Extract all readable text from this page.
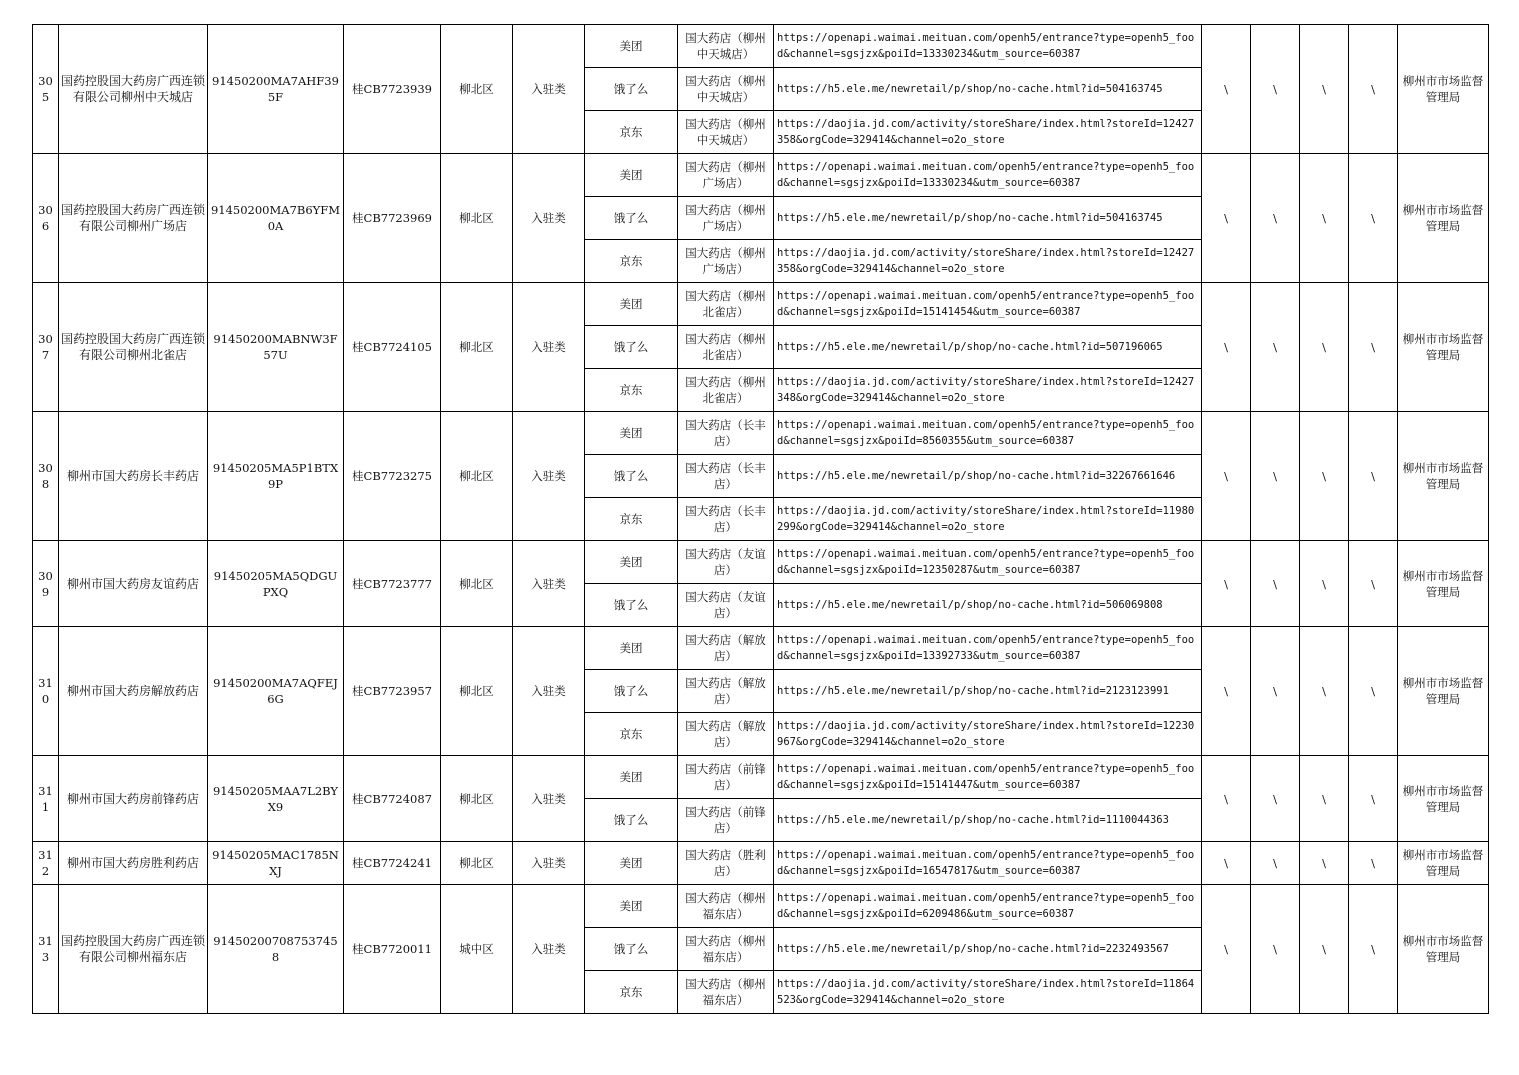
305	国药控股国大药房广西连锁有限公司柳州中天城店	91450200MA7AHF395F	桂CB7723939	柳北区	入驻类	美团	国大药店（柳州中天城店）	https://openapi.waimai.meituan.com/openh5/entrance?type=openh5_food&channel=sgsjzx&poiId=13330234&utm_source=60387	\	\	\	\	柳州市市场监督管理局
						饿了么	国大药店（柳州中天城店）	https://h5.ele.me/newretail/p/shop/no-cache.html?id=504163745					
						京东	国大药店（柳州中天城店）	https://daojia.jd.com/activity/storeShare/index.html?storeId=12427358&orgCode=329414&channel=o2o_store					
306	国药控股国大药房广西连锁有限公司柳州广场店	91450200MA7B6YFM0A	桂CB7723969	柳北区	入驻类	美团	国大药店（柳州广场店）	https://openapi.waimai.meituan.com/openh5/entrance?type=openh5_food&channel=sgsjzx&poiId=13330234&utm_source=60387	\	\	\	\	柳州市市场监督管理局
						饿了么	国大药店（柳州广场店）	https://h5.ele.me/newretail/p/shop/no-cache.html?id=504163745					
						京东	国大药店（柳州广场店）	https://daojia.jd.com/activity/storeShare/index.html?storeId=12427358&orgCode=329414&channel=o2o_store					
307	国药控股国大药房广西连锁有限公司柳州北雀店	91450200MABNW3F57U	桂CB7724105	柳北区	入驻类	美团	国大药店（柳州北雀店）	https://openapi.waimai.meituan.com/openh5/entrance?type=openh5_food&channel=sgsjzx&poiId=15141454&utm_source=60387	\	\	\	\	柳州市市场监督管理局
						饿了么	国大药店（柳州北雀店）	https://h5.ele.me/newretail/p/shop/no-cache.html?id=507196065					
						京东	国大药店（柳州北雀店）	https://daojia.jd.com/activity/storeShare/index.html?storeId=12427348&orgCode=329414&channel=o2o_store					
308	柳州市国大药房长丰药店	91450205MA5P1BTX9P	桂CB7723275	柳北区	入驻类	美团	国大药店（长丰店）	https://openapi.waimai.meituan.com/openh5/entrance?type=openh5_food&channel=sgsjzx&poiId=8560355&utm_source=60387	\	\	\	\	柳州市市场监督管理局
						饿了么	国大药店（长丰店）	https://h5.ele.me/newretail/p/shop/no-cache.html?id=32267661646					
						京东	国大药店（长丰店）	https://daojia.jd.com/activity/storeShare/index.html?storeId=11980299&orgCode=329414&channel=o2o_store					
309	柳州市国大药房友谊药店	91450205MA5QDGUPXQ	桂CB7723777	柳北区	入驻类	美团	国大药店（友谊店）	https://openapi.waimai.meituan.com/openh5/entrance?type=openh5_food&channel=sgsjzx&poiId=12350287&utm_source=60387	\	\	\	\	柳州市市场监督管理局
						饿了么	国大药店（友谊店）	https://h5.ele.me/newretail/p/shop/no-cache.html?id=506069808					
310	柳州市国大药房解放药店	91450200MA7AQFEJ6G	桂CB7723957	柳北区	入驻类	美团	国大药店（解放店）	https://openapi.waimai.meituan.com/openh5/entrance?type=openh5_food&channel=sgsjzx&poiId=13392733&utm_source=60387	\	\	\	\	柳州市市场监督管理局
						饿了么	国大药店（解放店）	https://h5.ele.me/newretail/p/shop/no-cache.html?id=2123123991					
						京东	国大药店（解放店）	https://daojia.jd.com/activity/storeShare/index.html?storeId=12230967&orgCode=329414&channel=o2o_store					
311	柳州市国大药房前锋药店	91450205MAA7L2BYX9	桂CB7724087	柳北区	入驻类	美团	国大药店（前锋店）	https://openapi.waimai.meituan.com/openh5/entrance?type=openh5_food&channel=sgsjzx&poiId=15141447&utm_source=60387	\	\	\	\	柳州市市场监督管理局
						饿了么	国大药店（前锋店）	https://h5.ele.me/newretail/p/shop/no-cache.html?id=1110044363					
312	柳州市国大药房胜利药店	91450205MAC1785NXJ	桂CB7724241	柳北区	入驻类	美团	国大药店（胜利店）	https://openapi.waimai.meituan.com/openh5/entrance?type=openh5_food&channel=sgsjzx&poiId=16547817&utm_source=60387	\	\	\	\	柳州市市场监督管理局
313	国药控股国大药房广西连锁有限公司柳州福东店	914502007087537458	桂CB7720011	城中区	入驻类	美团	国大药店（柳州福东店）	https://openapi.waimai.meituan.com/openh5/entrance?type=openh5_food&channel=sgsjzx&poiId=6209486&utm_source=60387	\	\	\	\	柳州市市场监督管理局
						饿了么	国大药店（柳州福东店）	https://h5.ele.me/newretail/p/shop/no-cache.html?id=2232493567					
						京东	国大药店（柳州福东店）	https://daojia.jd.com/activity/storeShare/index.html?storeId=11864523&orgCode=329414&channel=o2o_store					
